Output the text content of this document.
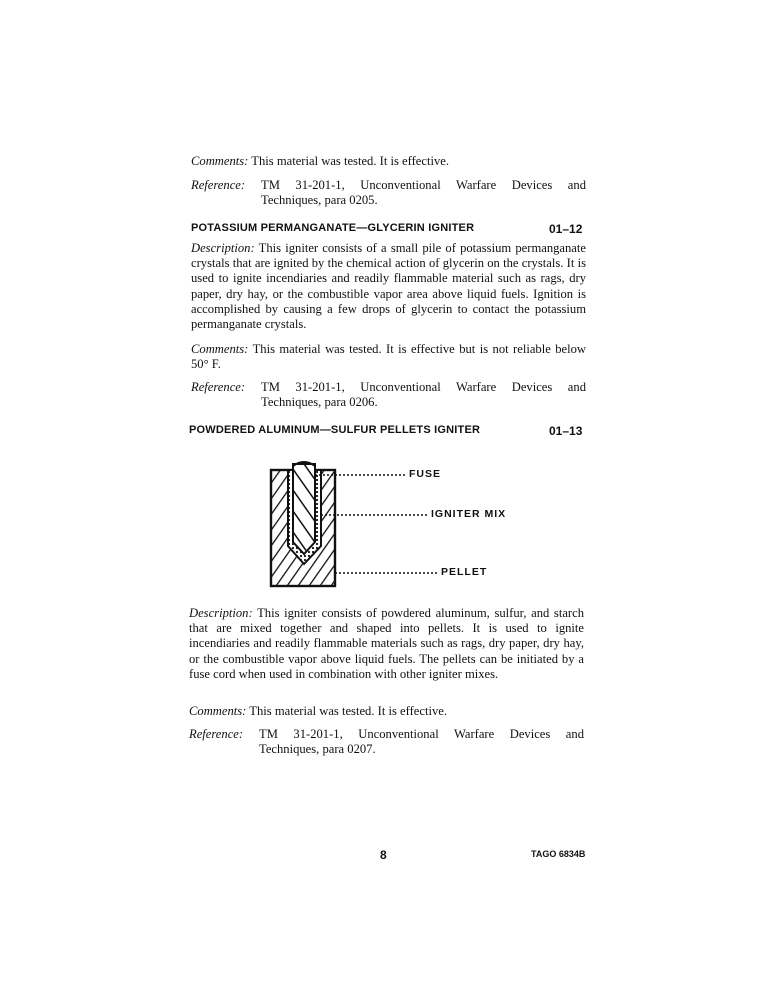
Comments: This material was tested. It is effective.
Reference:	TM 31-201-1, Unconventional Warfare Devices and Techniques, para 0205.
POTASSIUM PERMANGANATE—GLYCERIN IGNITER	01–12
Description: This igniter consists of a small pile of potassium permanganate crystals that are ignited by the chemical action of glycerin on the crystals. It is used to ignite incendiaries and readily flammable material such as rags, dry paper, dry hay, or the combustible vapor area above liquid fuels. Ignition is accomplished by causing a few drops of glycerin to contact the potassium permanganate crystals.
Comments: This material was tested. It is effective but is not reliable below 50° F.
Reference:	TM 31-201-1, Unconventional Warfare Devices and Techniques, para 0206.
POWDERED ALUMINUM—SULFUR PELLETS IGNITER	01–13
FUSE
IGNITER MIX
PELLET
Description: This igniter consists of powdered aluminum, sulfur, and starch that are mixed together and shaped into pellets. It is used to ignite incendiaries and readily flammable materials such as rags, dry paper, dry hay, or the combustible vapor above liquid fuels. The pellets can be initiated by a fuse cord when used in combination with other igniter mixes.
Comments: This material was tested. It is effective.
Reference:	TM 31-201-1, Unconventional Warfare Devices and Techniques, para 0207.
8	TAGO 6834B
